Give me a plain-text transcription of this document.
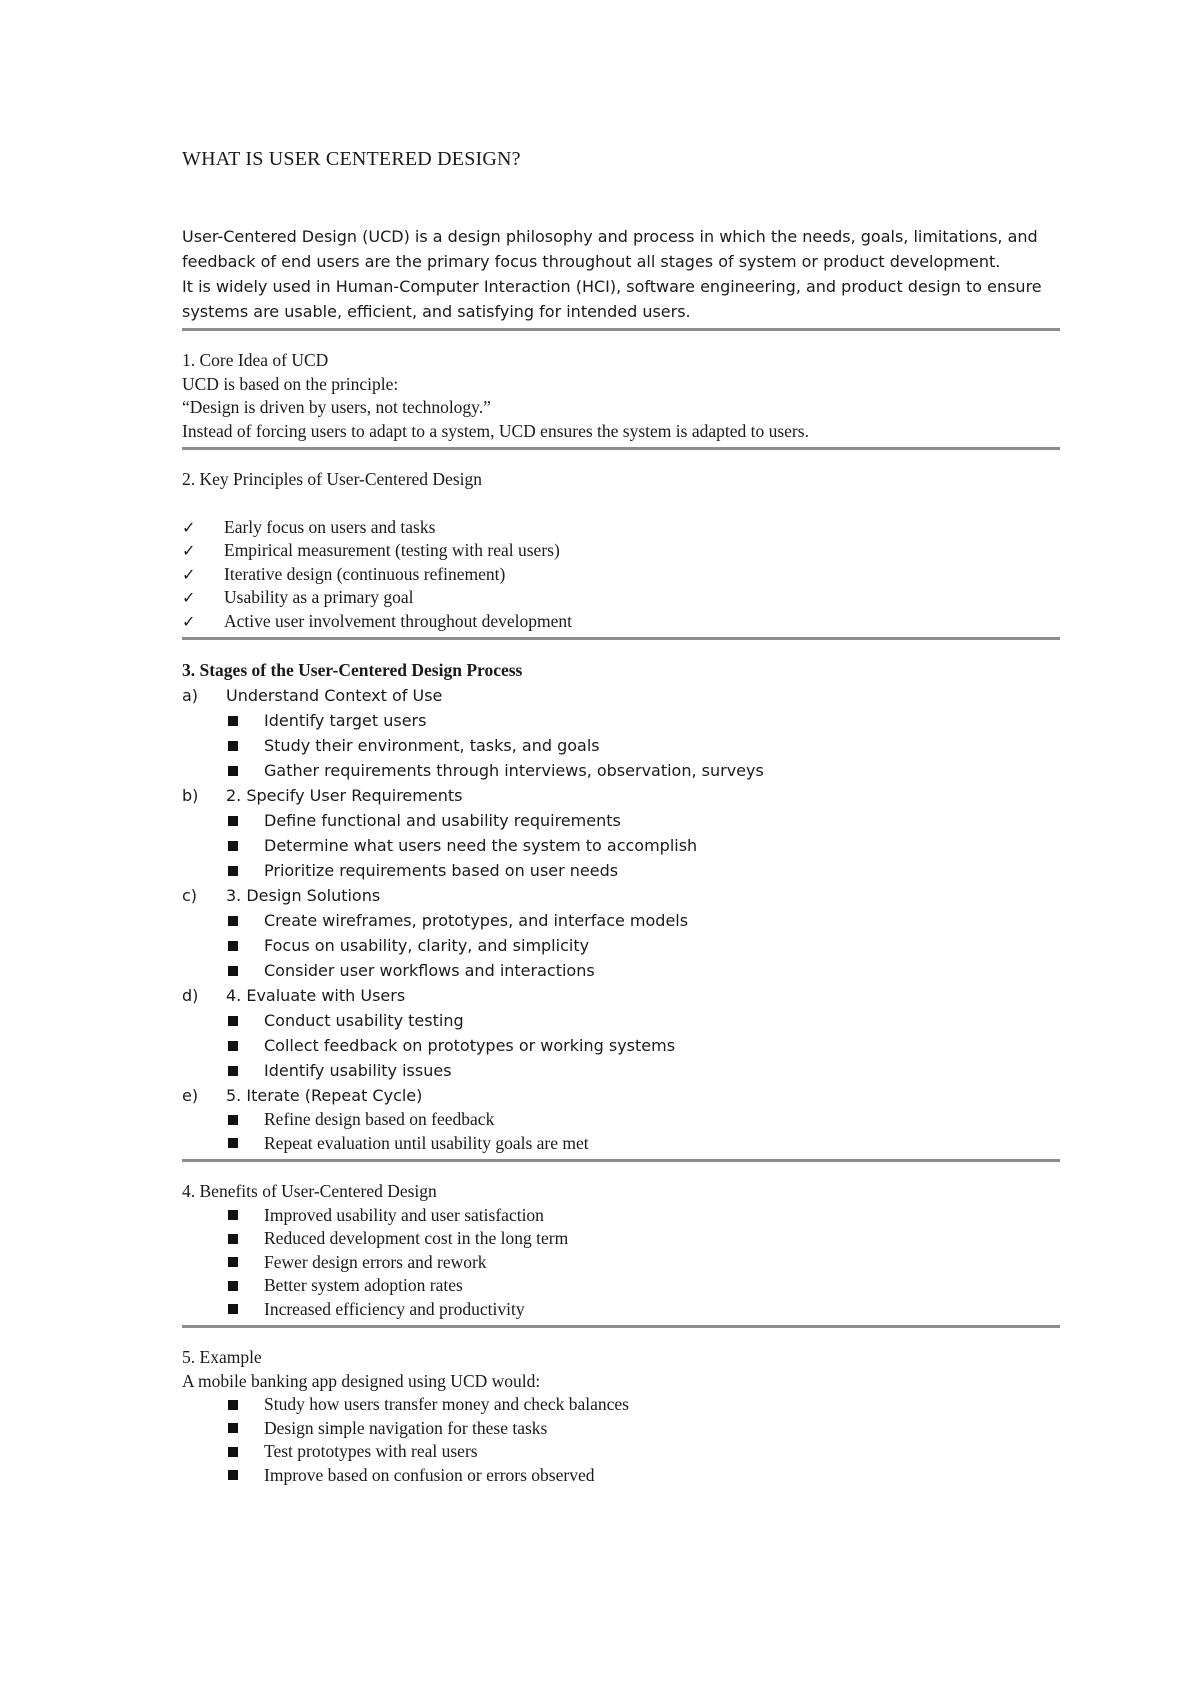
WHAT IS USER CENTERED DESIGN?

User-Centered Design (UCD) is a design philosophy and process in which the needs, goals, limitations, and feedback of end users are the primary focus throughout all stages of system or product development.

It is widely used in Human-Computer Interaction (HCI), software engineering, and product design to ensure systems are usable, efficient, and satisfying for intended users.

1. Core Idea of UCD

UCD is based on the principle:

“Design is driven by users, not technology.”

Instead of forcing users to adapt to a system, UCD ensures the system is adapted to users.

2. Key Principles of User-Centered Design

✓	Early focus on users and tasks
✓	Empirical measurement (testing with real users)
✓	Iterative design (continuous refinement)
✓	Usability as a primary goal
✓	Active user involvement throughout development

3. Stages of the User-Centered Design Process

a)	Understand Context of Use
Identify target users
Study their environment, tasks, and goals
Gather requirements through interviews, observation, surveys
b)	2. Specify User Requirements
Define functional and usability requirements
Determine what users need the system to accomplish
Prioritize requirements based on user needs
c)	3. Design Solutions
Create wireframes, prototypes, and interface models
Focus on usability, clarity, and simplicity
Consider user workflows and interactions
d)	4. Evaluate with Users
Conduct usability testing
Collect feedback on prototypes or working systems
Identify usability issues
e)	5. Iterate (Repeat Cycle)
Refine design based on feedback
Repeat evaluation until usability goals are met

4. Benefits of User-Centered Design

Improved usability and user satisfaction
Reduced development cost in the long term
Fewer design errors and rework
Better system adoption rates
Increased efficiency and productivity

5. Example

A mobile banking app designed using UCD would:

Study how users transfer money and check balances
Design simple navigation for these tasks
Test prototypes with real users
Improve based on confusion or errors observed
